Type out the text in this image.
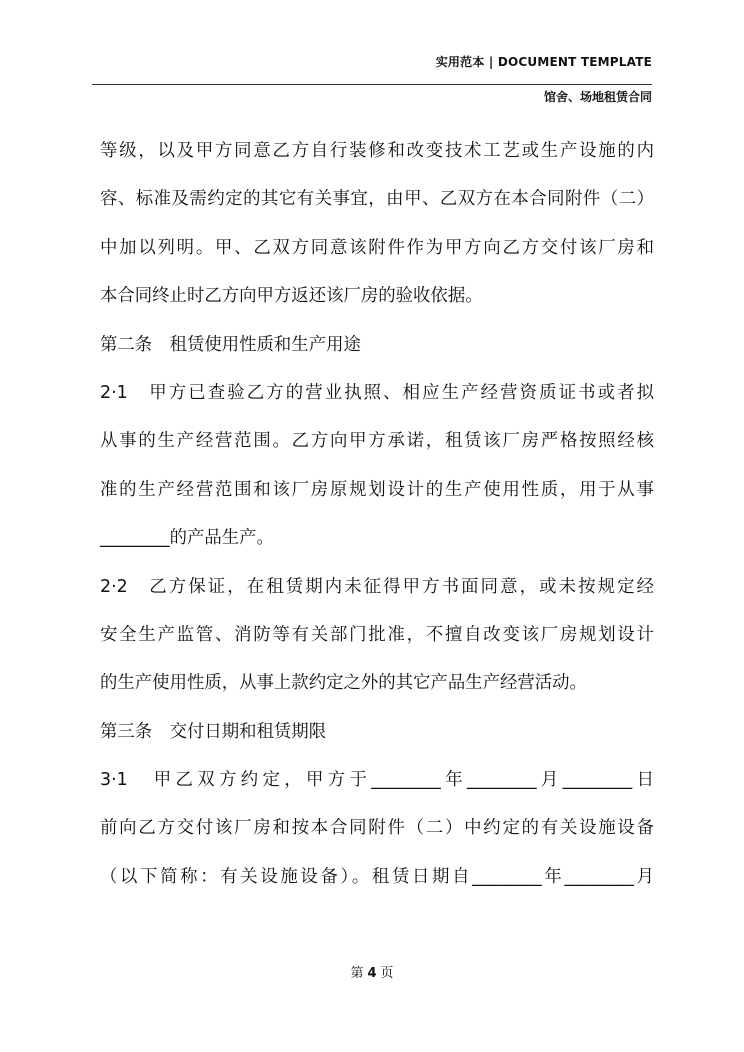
实用范本 | DOCUMENT TEMPLATE
馆舍、场地租赁合同
等级，以及甲方同意乙方自行装修和改变技术工艺或生产设施的内
容、标准及需约定的其它有关事宜，由甲、乙双方在本合同附件（二）
中加以列明。甲、乙双方同意该附件作为甲方向乙方交付该厂房和
本合同终止时乙方向甲方返还该厂房的验收依据。
第二条　租赁使用性质和生产用途
2·1　甲方已查验乙方的营业执照、相应生产经营资质证书或者拟
从事的生产经营范围。乙方向甲方承诺，租赁该厂房严格按照经核
准的生产经营范围和该厂房原规划设计的生产使用性质，用于从事
________的产品生产。
2·2　乙方保证，在租赁期内未征得甲方书面同意，或未按规定经
安全生产监管、消防等有关部门批准，不擅自改变该厂房规划设计
的生产使用性质，从事上款约定之外的其它产品生产经营活动。
第三条　交付日期和租赁期限
3·1　甲乙双方约定，甲方于________年________月________日
前向乙方交付该厂房和按本合同附件（二）中约定的有关设施设备
（以下简称：有关设施设备）。租赁日期自________年________月
第 4 页
